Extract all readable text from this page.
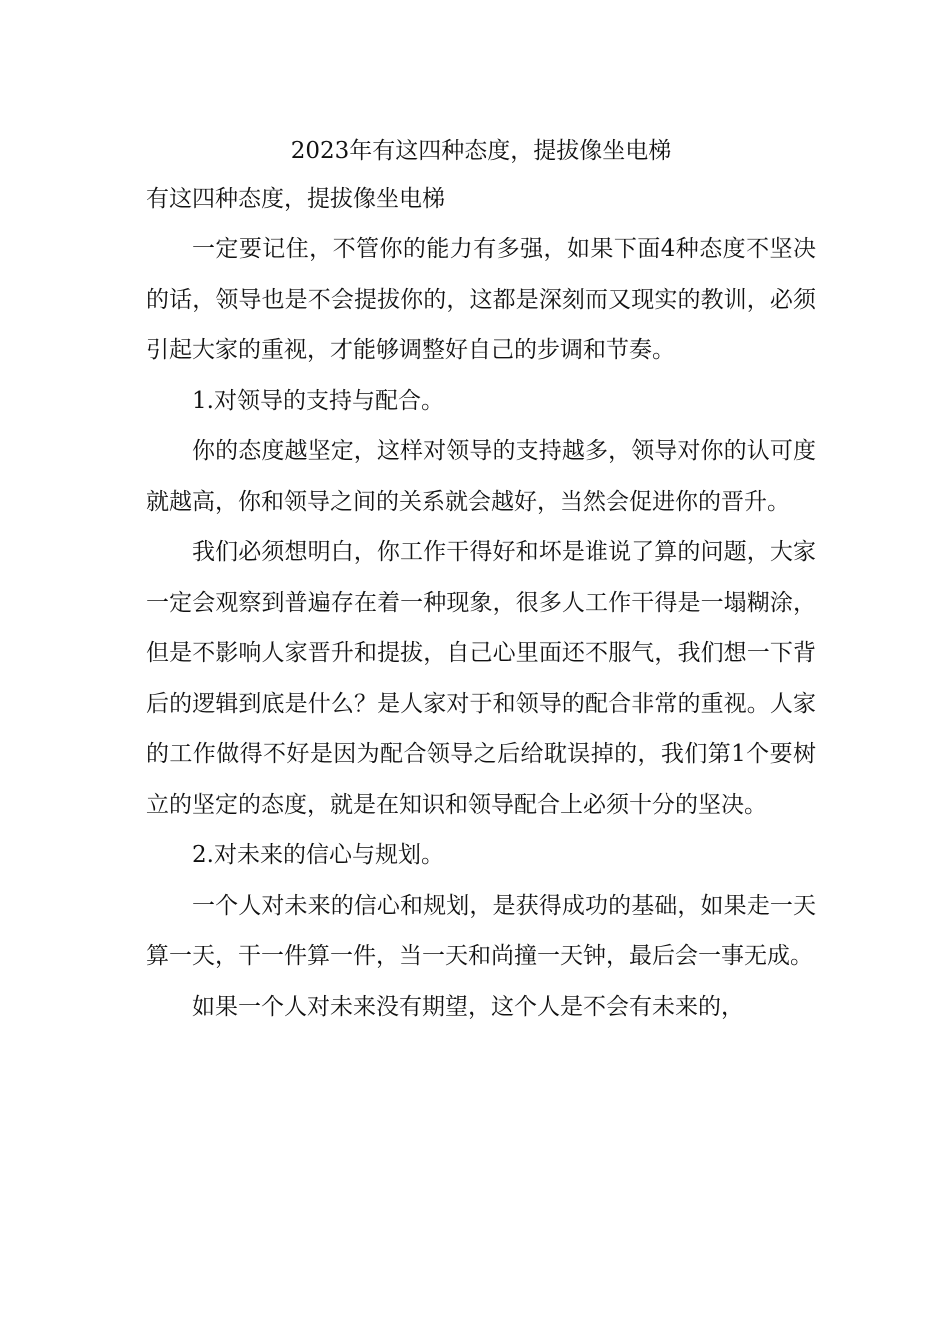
2023年有这四种态度，提拔像坐电梯

有这四种态度，提拔像坐电梯

一定要记住，不管你的能力有多强，如果下面4种态度不坚决的话，领导也是不会提拔你的，这都是深刻而又现实的教训，必须引起大家的重视，才能够调整好自己的步调和节奏。

1.对领导的支持与配合。

你的态度越坚定，这样对领导的支持越多，领导对你的认可度就越高，你和领导之间的关系就会越好，当然会促进你的晋升。

我们必须想明白，你工作干得好和坏是谁说了算的问题，大家一定会观察到普遍存在着一种现象，很多人工作干得是一塌糊涂，但是不影响人家晋升和提拔，自己心里面还不服气，我们想一下背后的逻辑到底是什么？是人家对于和领导的配合非常的重视。人家的工作做得不好是因为配合领导之后给耽误掉的，我们第1个要树立的坚定的态度，就是在知识和领导配合上必须十分的坚决。

2.对未来的信心与规划。

一个人对未来的信心和规划，是获得成功的基础，如果走一天算一天，干一件算一件，当一天和尚撞一天钟，最后会一事无成。

如果一个人对未来没有期望，这个人是不会有未来的，
